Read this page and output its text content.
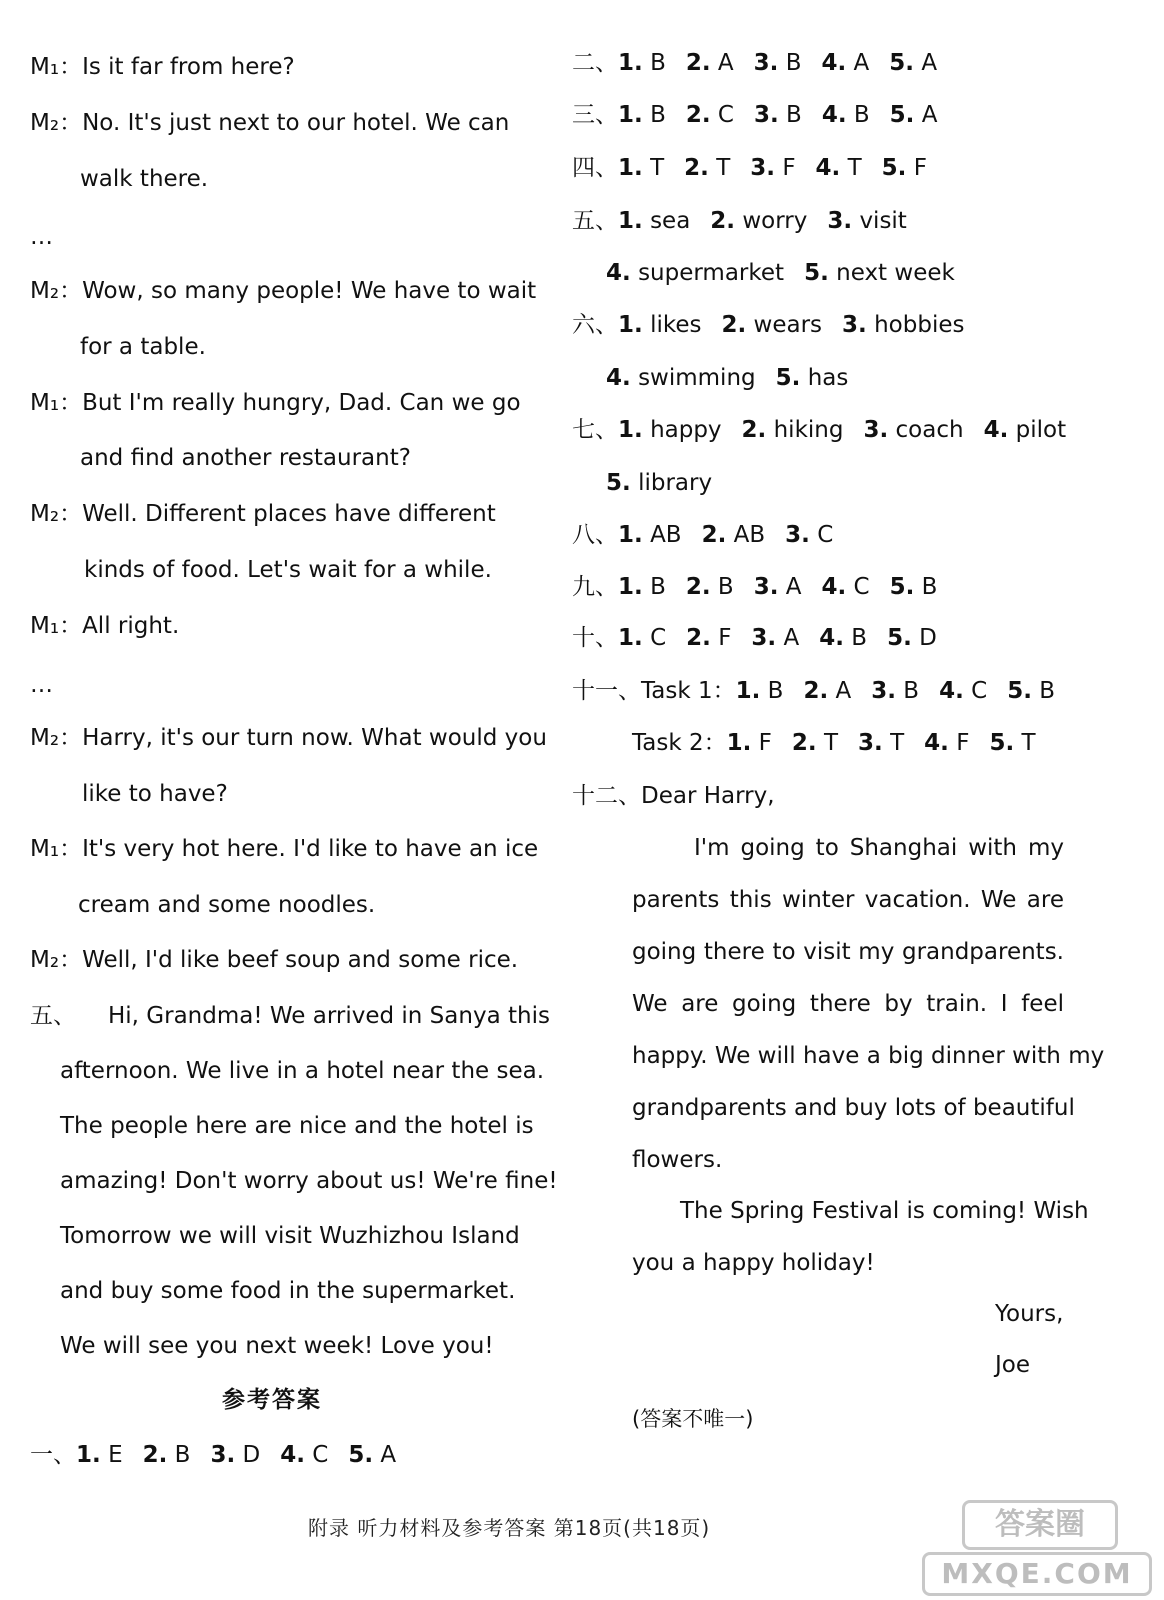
M₁：Is it far from here?
M₂：No. It's just next to our hotel. We can
walk there.
…
M₂：Wow, so many people! We have to wait
for a table.
M₁：But I'm really hungry, Dad. Can we go
and find another restaurant?
M₂：Well. Different places have different
kinds of food. Let's wait for a while.
M₁：All right.
…
M₂：Harry, it's our turn now. What would you
like to have?
M₁：It's very hot here. I'd like to have an ice
cream and some noodles.
M₂：Well, I'd like beef soup and some rice.
五、 Hi, Grandma! We arrived in Sanya this
afternoon. We live in a hotel near the sea.
The people here are nice and the hotel is
amazing! Don't worry about us! We're fine!
Tomorrow we will visit Wuzhizhou Island
and buy some food in the supermarket.
We will see you next week! Love you!
参考答案
一、1. E 2. B 3. D 4. C 5. A
二、1. B 2. A 3. B 4. A 5. A
三、1. B 2. C 3. B 4. B 5. A
四、1. T 2. T 3. F 4. T 5. F
五、1. sea 2. worry 3. visit
4. supermarket 5. next week
六、1. likes 2. wears 3. hobbies
4. swimming 5. has
七、1. happy 2. hiking 3. coach 4. pilot
5. library
八、1. AB 2. AB 3. C
九、1. B 2. B 3. A 4. C 5. B
十、1. C 2. F 3. A 4. B 5. D
十一、Task 1：1. B 2. A 3. B 4. C 5. B
Task 2：1. F 2. T 3. T 4. F 5. T
十二、Dear Harry,
I'm going to Shanghai with my
parents this winter vacation. We are
going there to visit my grandparents.
We are going there by train. I feel
happy. We will have a big dinner with my
grandparents and buy lots of beautiful
flowers.
The Spring Festival is coming! Wish
you a happy holiday!
Yours,
Joe
(答案不唯一)
附录 听力材料及参考答案 第18页(共18页)	答案圈
MXQE.COM
